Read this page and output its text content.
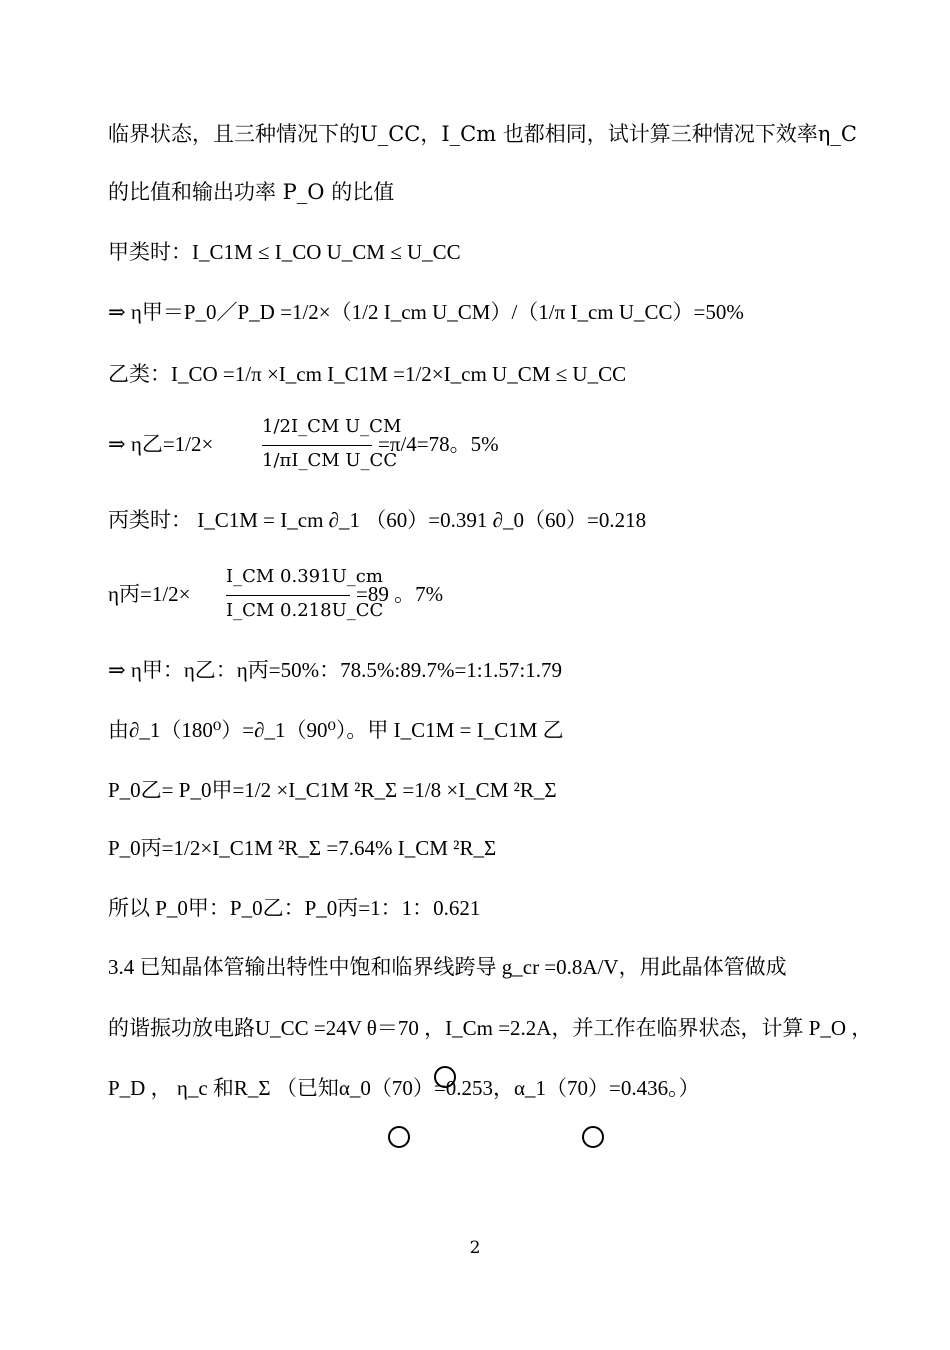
临界状态，且三种情况下的U_CC，I_Cm 也都相同，试计算三种情况下效率η_C
的比值和输出功率 P_O 的比值
甲类时：I_C1M ≤ I_CO U_CM ≤ U_CC
⇒ η甲＝P_0／P_D =1/2×（1/2 I_cm U_CM）/（1/π I_cm U_CC）=50%
乙类：I_CO =1/π ×I_cm I_C1M =1/2×I_cm U_CM ≤ U_CC
⇒ η乙=1/2×
1/2I_CM U_CM
1/πI_CM U_CC
=π/4=78。5%
丙类时： I_C1M = I_cm ∂_1 （60）=0.391 ∂_0（60）=0.218
η丙=1/2×
I_CM 0.391U_cm
I_CM 0.218U_CC
=89 。7%
⇒ η甲：η乙：η丙=50%：78.5%:89.7%=1:1.57:1.79
由∂_1（180⁰）=∂_1（90⁰）。甲 I_C1M = I_C1M 乙
P_0乙= P_0甲=1/2 ×I_C1M ²R_Σ =1/8 ×I_CM ²R_Σ
P_0丙=1/2×I_C1M ²R_Σ =7.64% I_CM ²R_Σ
所以 P_0甲：P_0乙：P_0丙=1：1：0.621
3.4 已知晶体管输出特性中饱和临界线跨导 g_cr =0.8A/V，用此晶体管做成
的谐振功放电路U_CC =24V θ＝70 ，I_Cm =2.2A，并工作在临界状态，计算 P_O ，
P_D ， η_c 和R_Σ （已知α_0（70）=0.253，α_1（70）=0.436。）
2
